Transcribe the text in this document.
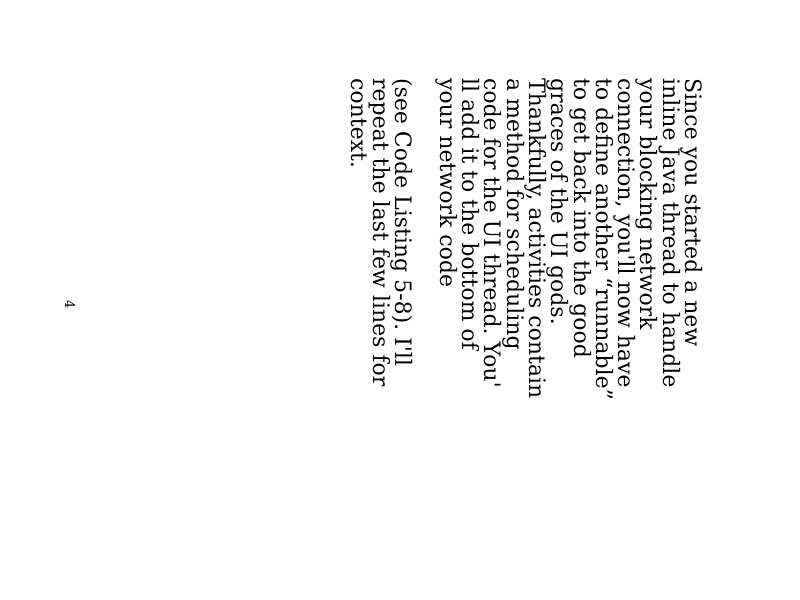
Since you started a new
inline Java thread to handle
your blocking network
connection, you'll now have
to define another “runnable”
to get back into the good
graces of the UI gods.
Thankfully, activities contain
a method for scheduling
code for the UI thread. You'
ll add it to the bottom of
your network code

(see Code Listing 5-8). I'll
repeat the last few lines for
context.

4
